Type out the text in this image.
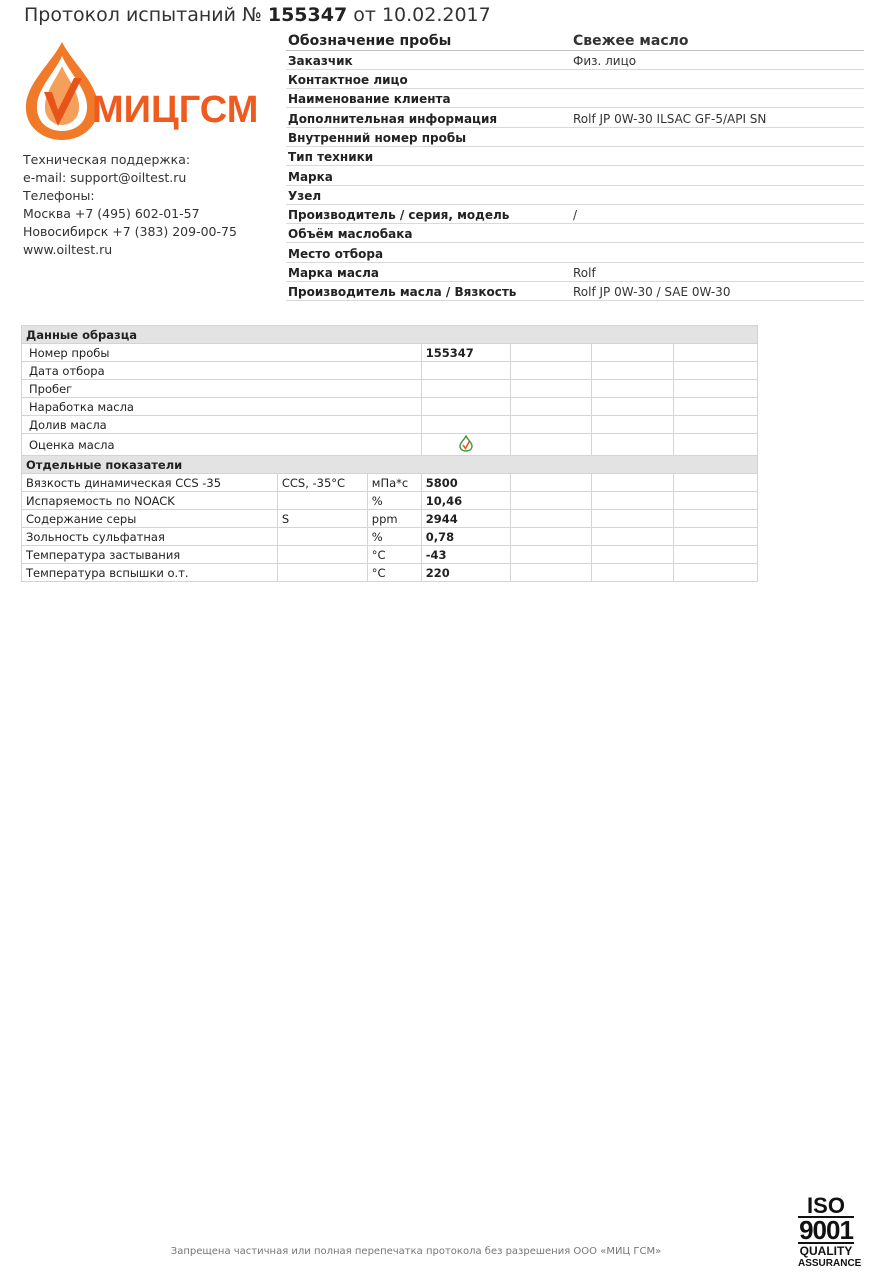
Протокол испытаний № 155347 от 10.02.2017
МИЦГСМ
Техническая поддержка:
e-mail: support@oiltest.ru
Телефоны:
Москва +7 (495) 602-01-57
Новосибирск +7 (383) 209-00-75
www.oiltest.ru
Обозначение пробы	Свежее масло
Заказчик	Физ. лицо
Контактное лицо	
Наименование клиента	
Дополнительная информация	Rolf JP 0W-30 ILSAC GF-5/API SN
Внутренний номер пробы	
Тип техники	
Марка	
Узел	
Производитель / серия, модель	/
Объём маслобака	
Место отбора	
Марка масла	Rolf
Производитель масла / Вязкость	Rolf JP 0W-30 / SAE 0W-30
Данные образца						
Номер пробы			155347			
Дата отбора						
Пробег						
Наработка масла						
Долив масла						
Оценка масла				
Отдельные показатели						
Вязкость динамическая CCS -35	CCS, -35°C	мПа*с	5800			
Испаряемость по NOACK		%	10,46			
Содержание серы	S	ppm	2944			
Зольность сульфатная		%	0,78			
Температура застывания		°C	-43			
Температура вспышки о.т.		°C	220			
Запрещена частичная или полная перепечатка протокола без разрешения ООО «МИЦ ГСМ»
ISO
9001
QUALITY
ASSURANCE
